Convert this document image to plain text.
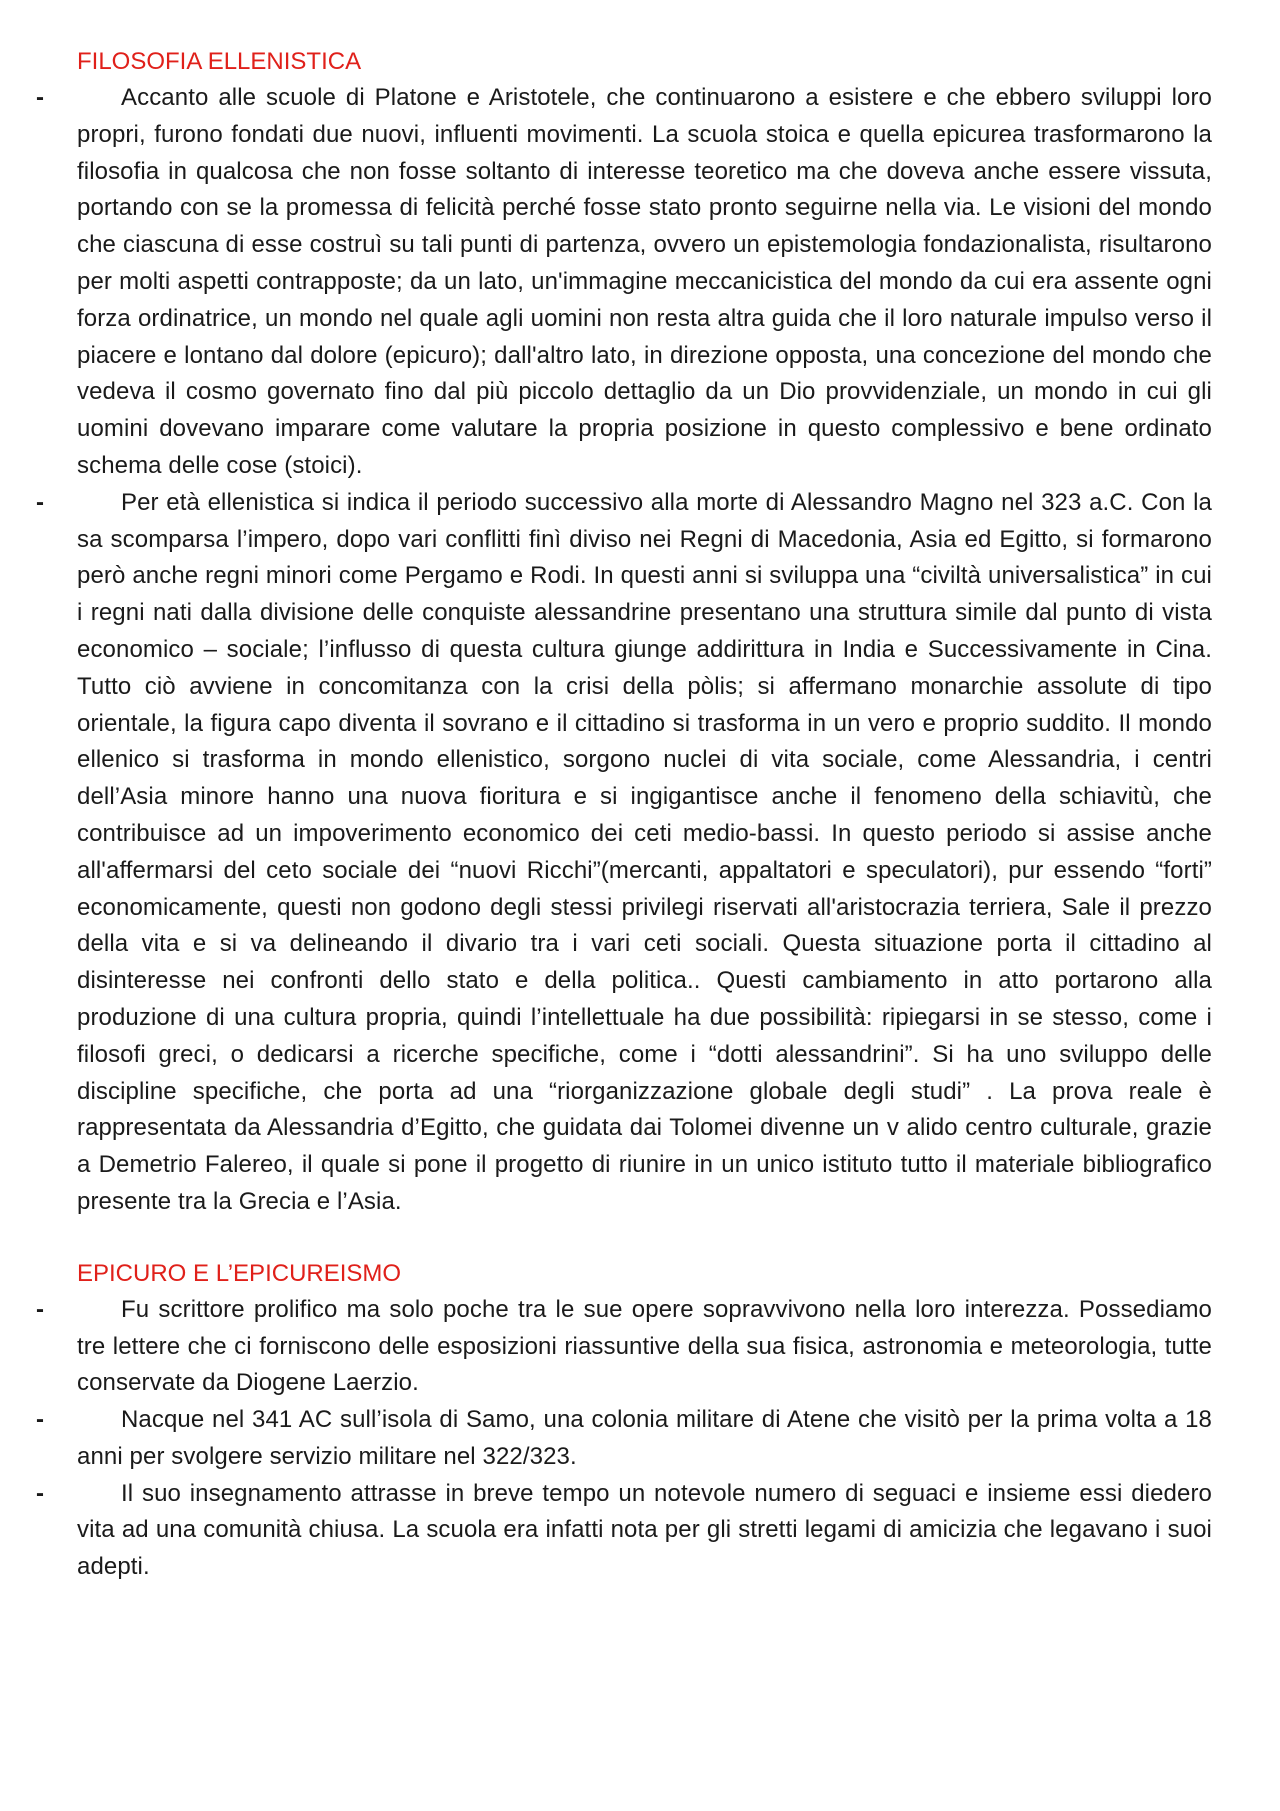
FILOSOFIA ELLENISTICA
-	Accanto alle scuole di Platone e Aristotele, che continuarono a esistere e che ebbero sviluppi loro propri, furono fondati due nuovi, influenti movimenti. La scuola stoica e quella epicurea trasformarono la filosofia in qualcosa che non fosse soltanto di interesse teoretico ma che doveva anche essere vissuta, portando con se la promessa di felicità perché fosse stato pronto seguirne nella via. Le visioni del mondo che ciascuna di esse costruì su tali punti di partenza, ovvero un epistemologia fondazionalista, risultarono per molti aspetti contrapposte; da un lato, un'immagine meccanicistica del mondo da cui era assente ogni forza ordinatrice, un mondo nel quale agli uomini non resta altra guida che il loro naturale impulso verso il piacere e lontano dal dolore (epicuro); dall'altro lato, in direzione opposta, una concezione del mondo che vedeva il cosmo governato fino dal più piccolo dettaglio da un Dio provvidenziale, un mondo in cui gli uomini dovevano imparare come valutare la propria posizione in questo complessivo e bene ordinato schema delle cose (stoici).

-	Per età ellenistica si indica il periodo successivo alla morte di Alessandro Magno nel 323 a.C. Con la sa scomparsa l’impero, dopo vari conflitti finì diviso nei Regni di Macedonia, Asia ed Egitto, si formarono però anche regni minori come Pergamo e Rodi. In questi anni si sviluppa una “civiltà universalistica” in cui i regni nati dalla divisione delle conquiste alessandrine presentano una struttura simile dal punto di vista economico – sociale; l’influsso di questa cultura giunge addirittura in India e Successivamente in Cina. Tutto ciò avviene in concomitanza con la crisi della pòlis; si affermano monarchie assolute di tipo orientale, la figura capo diventa il sovrano e il cittadino si trasforma in un vero e proprio suddito. Il mondo ellenico si trasforma in mondo ellenistico, sorgono nuclei di vita sociale, come Alessandria, i centri dell’Asia minore hanno una nuova fioritura e si ingigantisce anche il fenomeno della schiavitù, che contribuisce ad un impoverimento economico dei ceti medio-bassi. In questo periodo si assise anche all'affermarsi del ceto sociale dei “nuovi Ricchi”(mercanti, appaltatori e speculatori), pur essendo “forti” economicamente, questi non godono degli stessi privilegi riservati all'aristocrazia terriera, Sale il prezzo della vita e si va delineando il divario tra i vari ceti sociali. Questa situazione porta il cittadino al disinteresse nei confronti dello stato e della politica.. Questi cambiamento in atto portarono alla produzione di una cultura propria, quindi l’intellettuale ha due possibilità: ripiegarsi in se stesso, come i filosofi greci, o dedicarsi a ricerche specifiche, come i “dotti alessandrini”. Si ha uno sviluppo delle discipline specifiche, che porta ad una “riorganizzazione globale degli studi” . La prova reale è rappresentata da Alessandria d’Egitto, che guidata dai Tolomei divenne un v alido centro culturale, grazie a Demetrio Falereo, il quale si pone il progetto di riunire in un unico istituto tutto il materiale bibliografico presente tra la Grecia e l’Asia.

EPICURO E L’EPICUREISMO
-	Fu scrittore prolifico ma solo poche tra le sue opere sopravvivono nella loro interezza. Possediamo tre lettere che ci forniscono delle esposizioni riassuntive della sua fisica, astronomia e meteorologia, tutte conservate da Diogene Laerzio.

-	Nacque nel 341 AC sull’isola di Samo, una colonia militare di Atene che visitò per la prima volta a 18 anni per svolgere servizio militare nel 322/323.

-	Il suo insegnamento attrasse in breve tempo un notevole numero di seguaci e insieme essi diedero vita ad una comunità chiusa. La scuola era infatti nota per gli stretti legami di amicizia che legavano i suoi adepti.
